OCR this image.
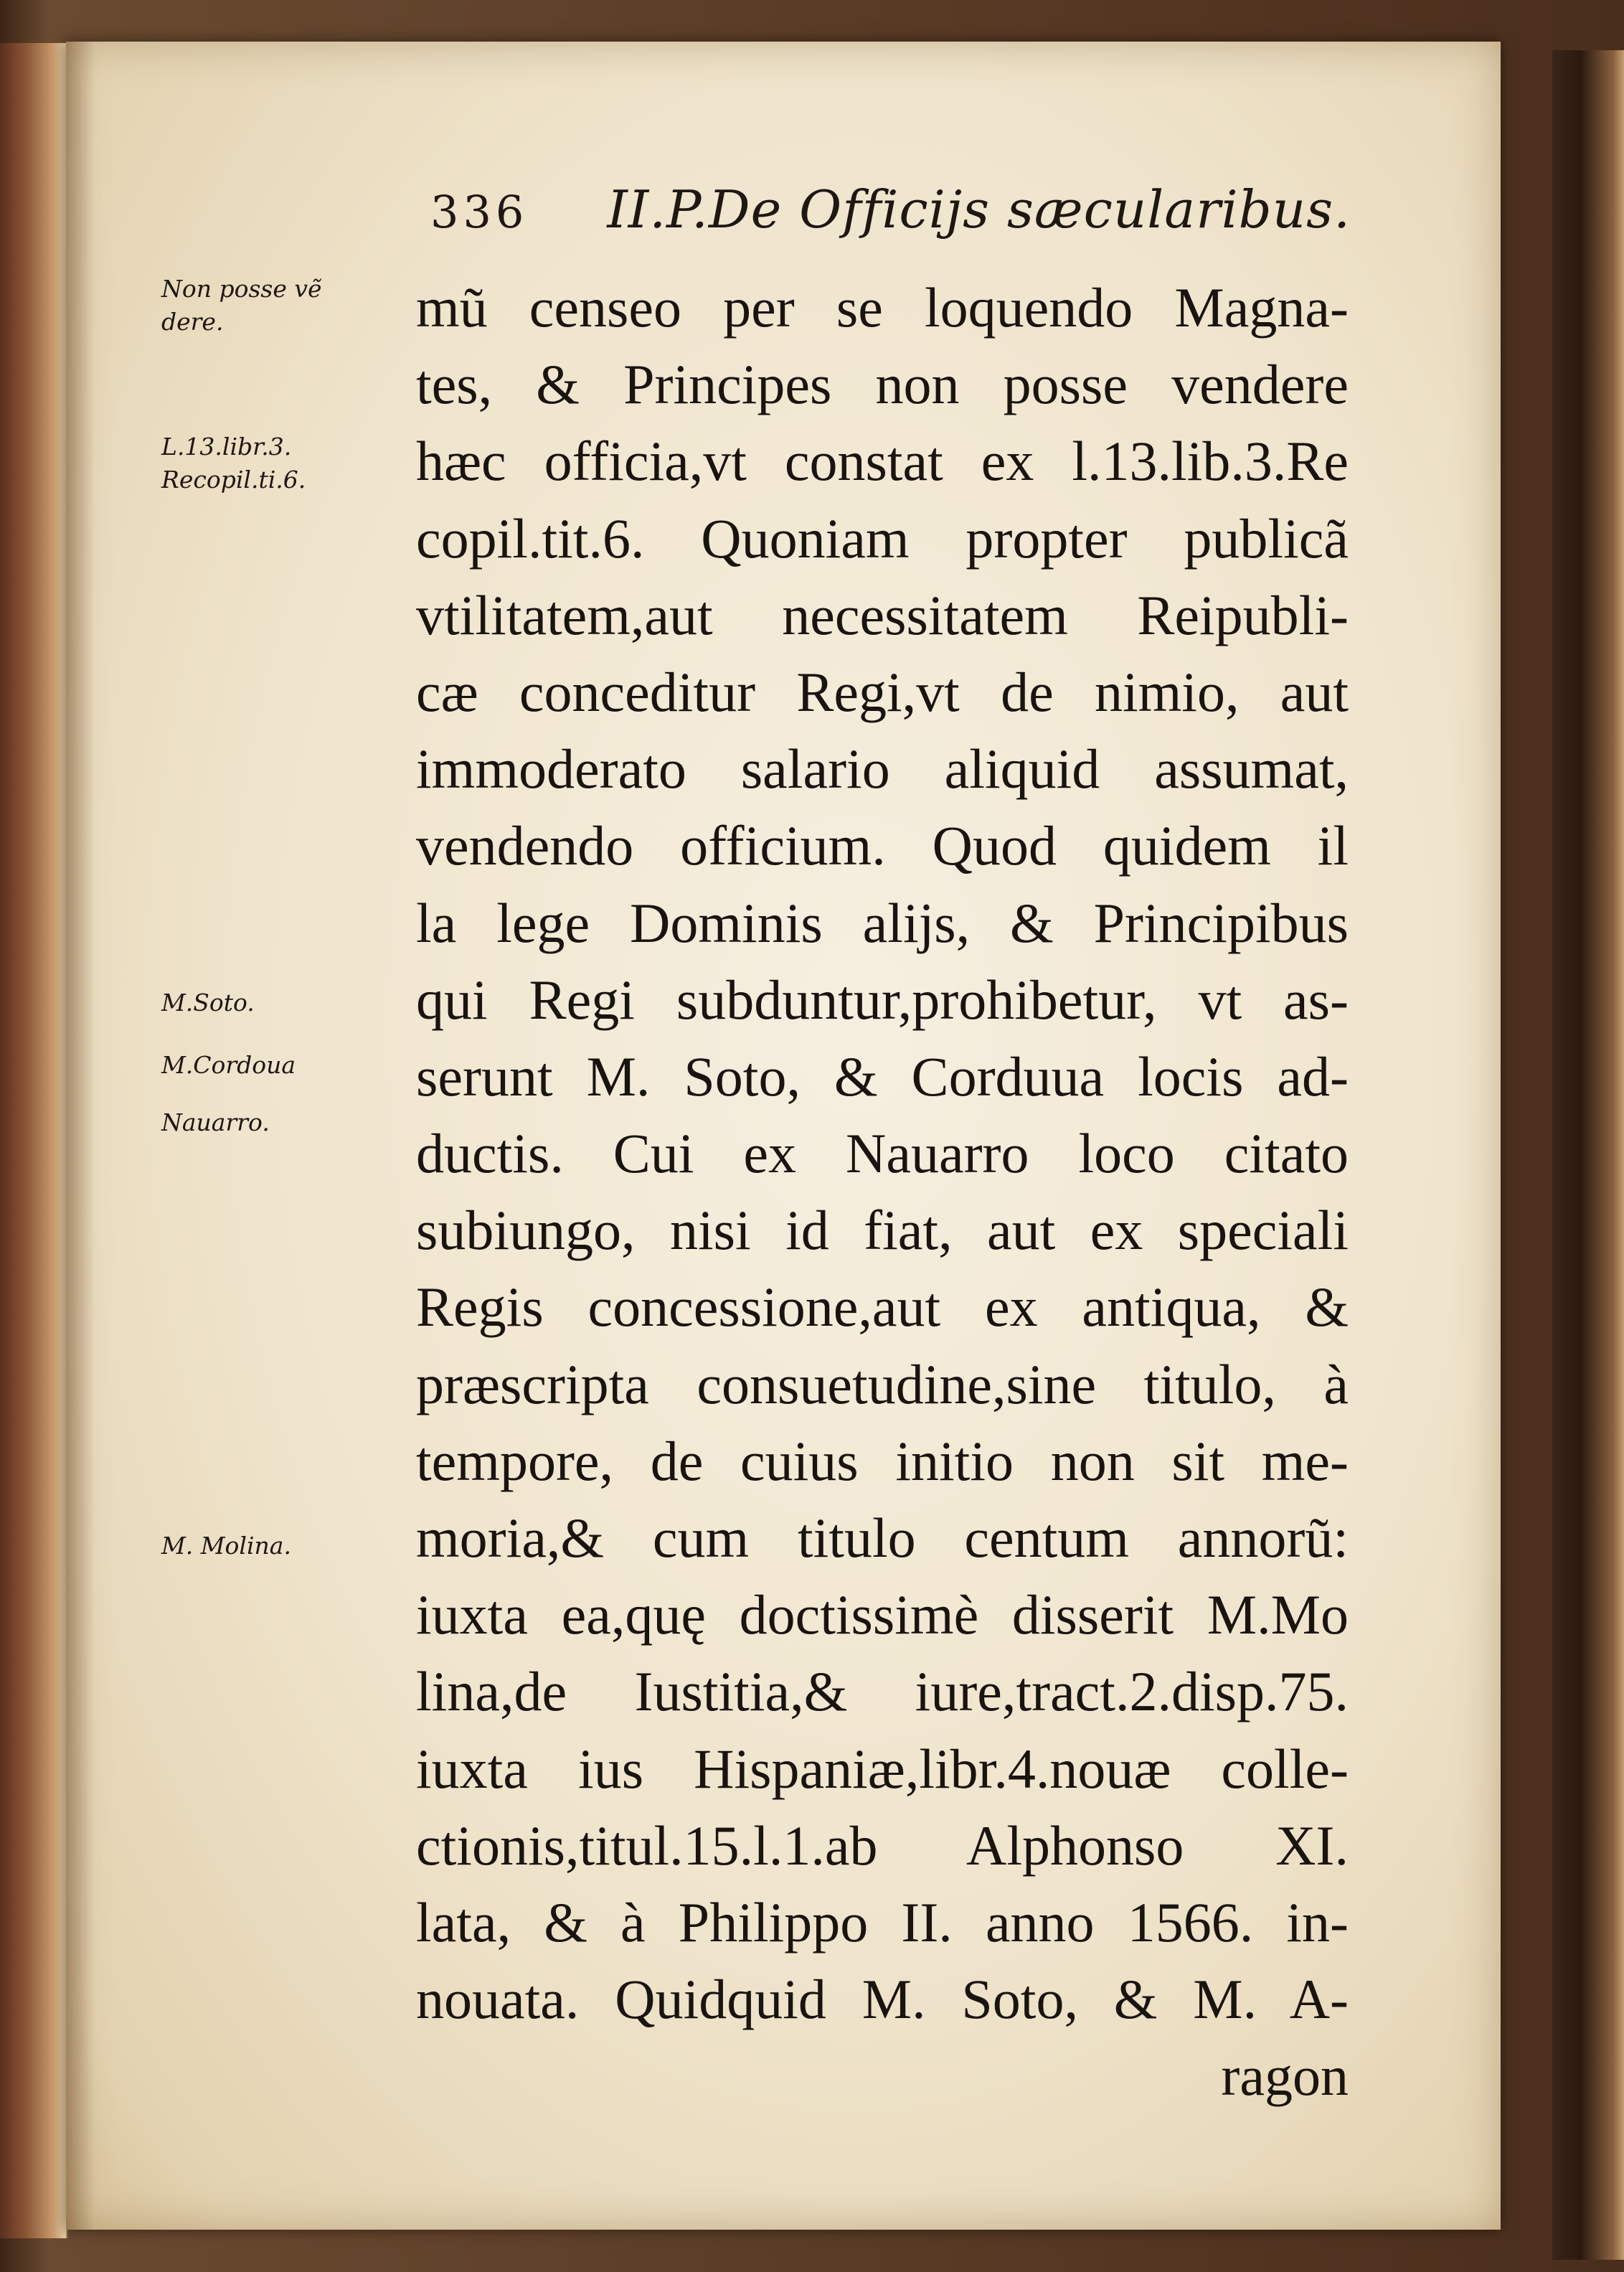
336 II.P.De Officijs sæcularibus.
Non posse vẽ
dere.
L.13.libr.3.
Recopil.ti.6.
M.Soto.
M.Cordoua
Nauarro.
M. Molina.
mũ censeo per se loquendo Magna-
tes, & Principes non posse vendere
hæc officia,vt constat ex l.13.lib.3.Re
copil.tit.6. Quoniam propter publicã
vtilitatem,aut necessitatem Reipubli-
cæ conceditur Regi,vt de nimio, aut
immoderato salario aliquid assumat,
vendendo officium. Quod quidem il
la lege Dominis alijs, & Principibus
qui Regi subduntur,prohibetur, vt as-
serunt M. Soto, & Corduua locis ad-
ductis. Cui ex Nauarro loco citato
subiungo, nisi id fiat, aut ex speciali
Regis concessione,aut ex antiqua, &
præscripta consuetudine,sine titulo, à
tempore, de cuius initio non sit me-
moria,& cum titulo centum annorũ:
iuxta ea,quę doctissimè disserit M.Mo
lina,de Iustitia,& iure,tract.2.disp.75.
iuxta ius Hispaniæ,libr.4.nouæ colle-
ctionis,titul.15.l.1.ab Alphonso XI.
lata, & à Philippo II. anno 1566. in-
nouata. Quidquid M. Soto, & M. A-
ragon
